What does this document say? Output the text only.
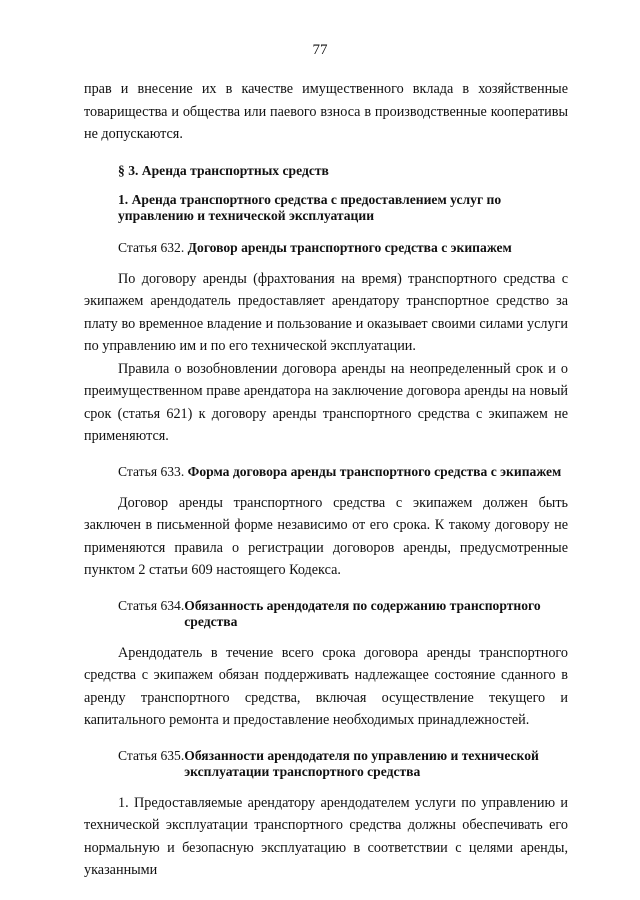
77

прав и внесение их в качестве имущественного вклада в хозяйственные товарищества и общества или паевого взноса в производственные кооперативы не допускаются.

§ 3. Аренда транспортных средств
1. Аренда транспортного средства с предоставлением услуг по управлению и технической эксплуатации
Статья 632. Договор аренды транспортного средства с экипажем

По договору аренды (фрахтования на время) транспортного средства с экипажем арендодатель предоставляет арендатору транспортное средство за плату во временное владение и пользование и оказывает своими силами услуги по управлению им и по его технической эксплуатации.

Правила о возобновлении договора аренды на неопределенный срок и о преимущественном праве арендатора на заключение договора аренды на новый срок (статья 621) к договору аренды транспортного средства с экипажем не применяются.

Статья 633. Форма договора аренды транспортного средства с экипажем

Договор аренды транспортного средства с экипажем должен быть заключен в письменной форме независимо от его срока. К такому договору не применяются правила о регистрации договоров аренды, предусмотренные пунктом 2 статьи 609 настоящего Кодекса.

Статья 634. Обязанность арендодателя по содержанию транспортного средства

Арендодатель в течение всего срока договора аренды транспортного средства с экипажем обязан поддерживать надлежащее состояние сданного в аренду транспортного средства, включая осуществление текущего и капитального ремонта и предоставление необходимых принадлежностей.

Статья 635. Обязанности арендодателя по управлению и технической эксплуатации транспортного средства

1. Предоставляемые арендатору арендодателем услуги по управлению и технической эксплуатации транспортного средства должны обеспечивать его нормальную и безопасную эксплуатацию в соответствии с целями аренды, указанными
